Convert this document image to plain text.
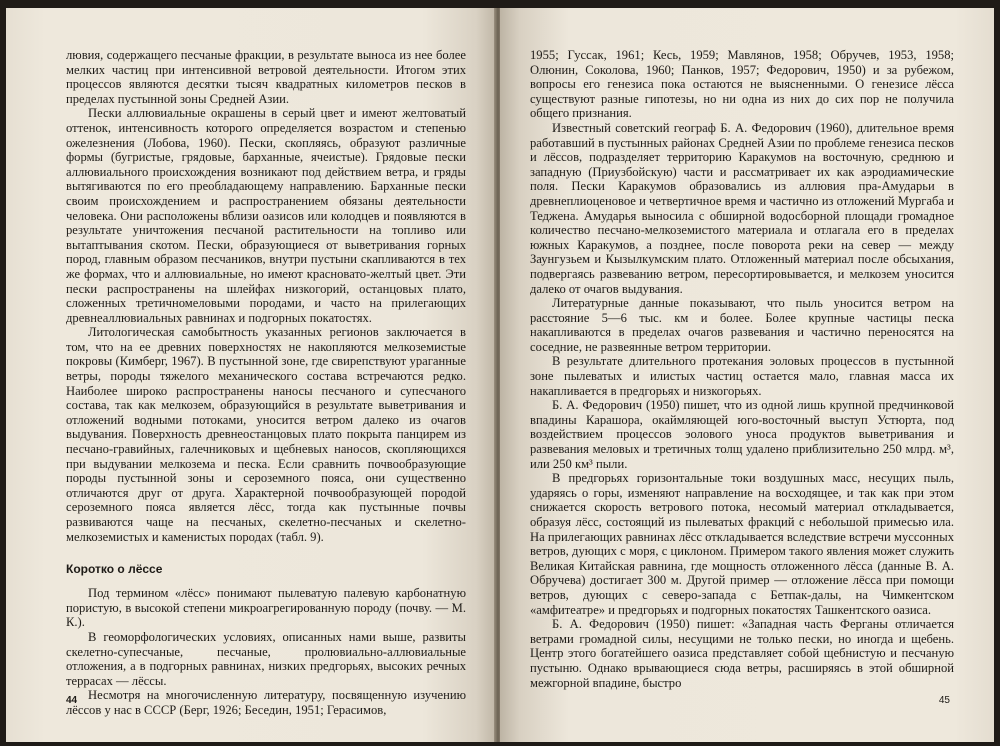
лювия, содержащего песчаные фракции, в результате выноса из нее более мелких частиц при интенсивной ветровой деятельности. Итогом этих процессов являются десятки тысяч квадратных километров песков в пределах пустынной зоны Средней Азии.

Пески аллювиальные окрашены в серый цвет и имеют желтоватый оттенок, интенсивность которого определяется возрастом и степенью ожелезнения (Лобова, 1960). Пески, скопляясь, образуют различные формы (бугристые, грядовые, барханные, ячеистые). Грядовые пески аллювиального происхождения возникают под действием ветра, и гряды вытягиваются по его преобладающему направлению. Барханные пески своим происхождением и распространением обязаны деятельности человека. Они расположены вблизи оазисов или колодцев и появляются в результате уничтожения песчаной растительности на топливо или вытаптывания скотом. Пески, образующиеся от выветривания горных пород, главным образом песчаников, внутри пустыни скапливаются в тех же формах, что и аллювиальные, но имеют красновато-желтый цвет. Эти пески распространены на шлейфах низкогорий, останцовых плато, сложенных третичномеловыми породами, и часто на прилегающих древнеаллювиальных равнинах и подгорных покатостях.

Литологическая самобытность указанных регионов заключается в том, что на ее древних поверхностях не накопляются мелкоземистые покровы (Кимберг, 1967). В пустынной зоне, где свирепствуют ураганные ветры, породы тяжелого механического состава встречаются редко. Наиболее широко распространены наносы песчаного и супесчаного состава, так как мелкозем, образующийся в результате выветривания и отложений водными потоками, уносится ветром далеко из очагов выдувания. Поверхность древнеостанцовых плато покрыта панцирем из песчано-гравийных, галечниковых и щебневых наносов, скопляющихся при выдувании мелкозема и песка. Если сравнить почвообразующие породы пустынной зоны и сероземного пояса, они существенно отличаются друг от друга. Характерной почвообразующей породой сероземного пояса является лёсс, тогда как пустынные почвы развиваются чаще на песчаных, скелетно-песчаных и скелетно-мелкоземистых и каменистых породах (табл. 9).

Коротко о лёссе

Под термином «лёсс» понимают пылеватую палевую карбонатную пористую, в высокой степени микроагрегированную породу (почву. — М. К.).

В геоморфологических условиях, описанных нами выше, развиты скелетно-супесчаные, песчаные, пролювиально-аллювиальные отложения, а в подгорных равнинах, низких предгорьях, высоких речных террасах — лёссы.

Несмотря на многочисленную литературу, посвященную изучению лёссов у нас в СССР (Берг, 1926; Беседин, 1951; Герасимов,

44

1955; Гуссак, 1961; Кесь, 1959; Мавлянов, 1958; Обручев, 1953, 1958; Олюнин, Соколова, 1960; Панков, 1957; Федорович, 1950) и за рубежом, вопросы его генезиса пока остаются не выясненными. О генезисе лёсса существуют разные гипотезы, но ни одна из них до сих пор не получила общего признания.

Известный советский географ Б. А. Федорович (1960), длительное время работавший в пустынных районах Средней Азии по проблеме генезиса песков и лёссов, подразделяет территорию Каракумов на восточную, среднюю и западную (Приузбойскую) части и рассматривает их как аэродиамические поля. Пески Каракумов образовались из аллювия пра-Амударьи в древнеплиоценовое и четвертичное время и частично из отложений Мургаба и Теджена. Амударья выносила с обширной водосборной площади громадное количество песчано-мелкоземистого материала и отлагала его в пределах южных Каракумов, а позднее, после поворота реки на север — между Заунгузьем и Кызылкумским плато. Отложенный материал после обсыхания, подвергаясь развеванию ветром, пересортировывается, и мелкозем уносится далеко от очагов выдувания.

Литературные данные показывают, что пыль уносится ветром на расстояние 5—6 тыс. км и более. Более крупные частицы песка накапливаются в пределах очагов развевания и частично переносятся на соседние, не развеянные ветром территории.

В результате длительного протекания эоловых процессов в пустынной зоне пылеватых и илистых частиц остается мало, главная масса их накапливается в предгорьях и низкогорьях.

Б. А. Федорович (1950) пишет, что из одной лишь крупной предчинковой впадины Карашора, окаймляющей юго-восточный выступ Устюрта, под воздействием процессов эолового уноса продуктов выветривания и развевания меловых и третичных толщ удалено приблизительно 250 млрд. м³, или 250 км³ пыли.

В предгорьях горизонтальные токи воздушных масс, несущих пыль, ударяясь о горы, изменяют направление на восходящее, и так как при этом снижается скорость ветрового потока, несомый материал откладывается, образуя лёсс, состоящий из пылеватых фракций с небольшой примесью ила. На прилегающих равнинах лёсс откладывается вследствие встречи муссонных ветров, дующих с моря, с циклоном. Примером такого явления может служить Великая Китайская равнина, где мощность отложенного лёсса (данные В. А. Обручева) достигает 300 м. Другой пример — отложение лёсса при помощи ветров, дующих с северо-запада с Бетпак-далы, на Чимкентском «амфитеатре» и предгорьях и подгорных покатостях Ташкентского оазиса.

Б. А. Федорович (1950) пишет: «Западная часть Ферганы отличается ветрами громадной силы, несущими не только пески, но иногда и щебень. Центр этого богатейшего оазиса представляет собой щебнистую и песчаную пустыню. Однако врывающиеся сюда ветры, расширяясь в этой обширной межгорной впадине, быстро

45
